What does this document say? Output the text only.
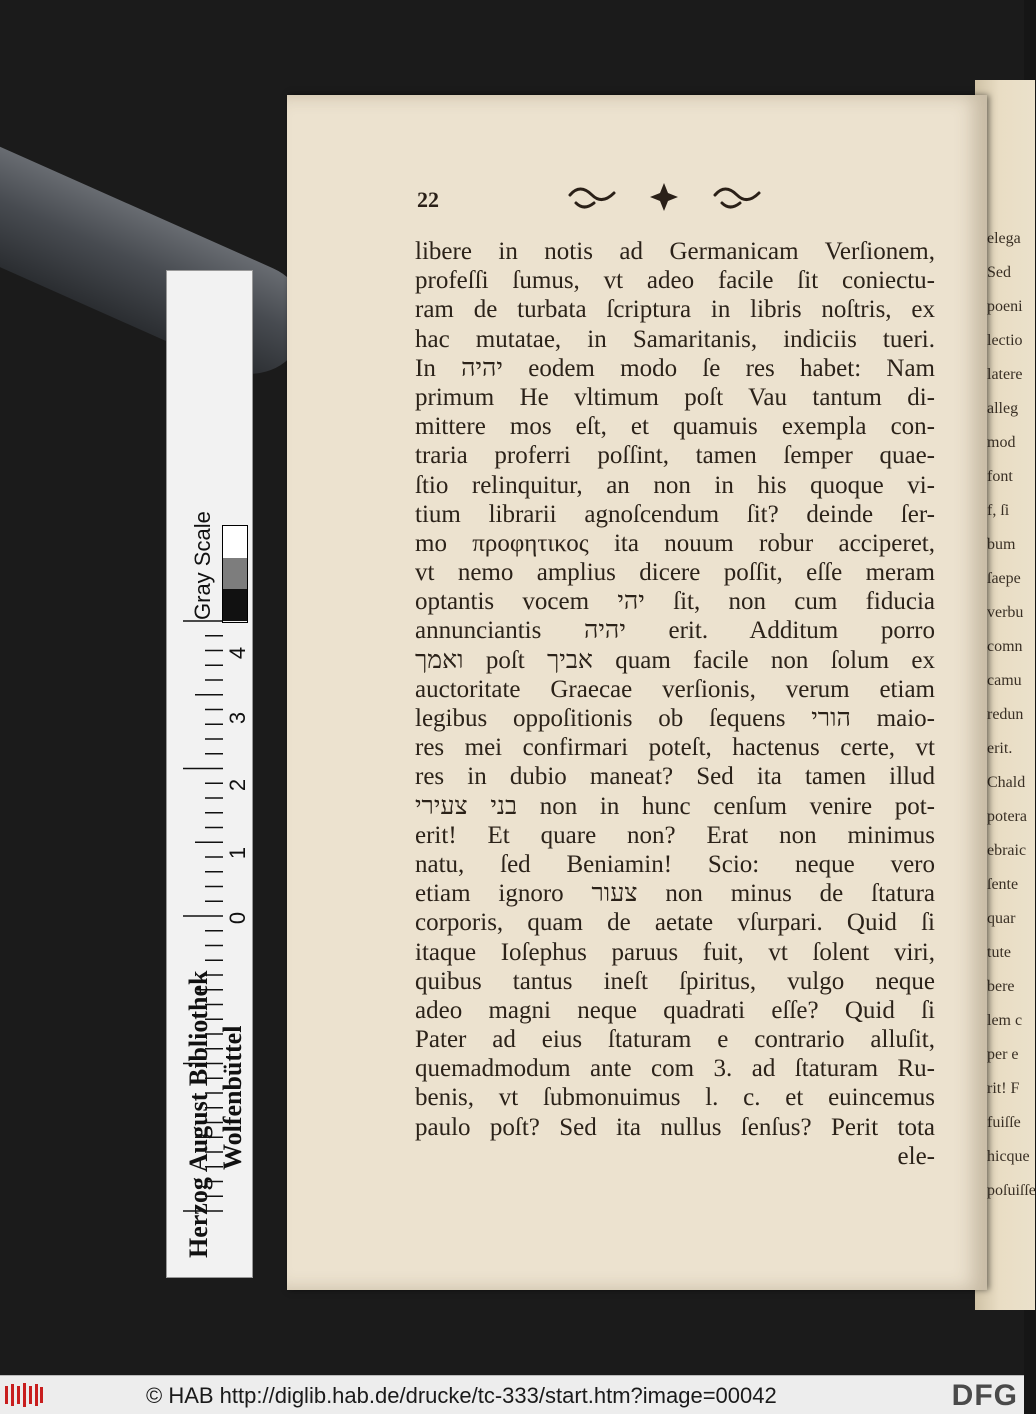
elega
Sed
poeni
lectio
latere
alleg
mod
font
f, ſi
bum
ſaepe
verbu
comn
camu
redun
erit.
Chald
potera
ebraic
ſente
quar
tute
bere
lem c
per e
rit! F
fuiſſe
hicque
poſuiſſe
22
libere in notis ad Germanicam Verſionem,
profeſſi ſumus, vt adeo facile ſit coniectu-
ram de turbata ſcriptura in libris noſtris, ex
hac mutatae, in Samaritanis, indiciis tueri.
In יהיה eodem modo ſe res habet: Nam
primum He vltimum poſt Vau tantum di-
mittere mos eſt, et quamuis exempla con-
traria proferri poſſint, tamen ſemper quae-
ſtio relinquitur, an non in his quoque vi-
tium librarii agnoſcendum ſit? deinde ſer-
mo προφητικος ita nouum robur acciperet,
vt nemo amplius dicere poſſit, eſſe meram
optantis vocem יהי ſit, non cum fiducia
annunciantis יהיה erit. Additum porro
ואמך poſt אביך quam facile non ſolum ex
auctoritate Graecae verſionis, verum etiam
legibus oppoſitionis ob ſequens הורי maio-
res mei confirmari poteſt, hactenus certe, vt
res in dubio maneat? Sed ita tamen illud
בני צעירי non in hunc cenſum venire pot-
erit! Et quare non? Erat non minimus
natu, ſed Beniamin! Scio: neque vero
etiam ignoro צעור non minus de ſtatura
corporis, quam de aetate vſurpari. Quid ſi
itaque Ioſephus paruus fuit, vt ſolent viri,
quibus tantus ineſt ſpiritus, vulgo neque
adeo magni neque quadrati eſſe? Quid ſi
Pater ad eius ſtaturam e contrario alluſit,
quemadmodum ante com 3. ad ſtaturam Ru-
benis, vt ſubmonuimus l. c. et euincemus
paulo poſt? Sed ita nullus ſenſus? Perit tota
ele-
Gray Scale
Herzog August Bibliothek Wolfenbüttel
0
1
2
3
4
© HAB http://diglib.hab.de/drucke/tc-333/start.htm?image=00042	DFG
